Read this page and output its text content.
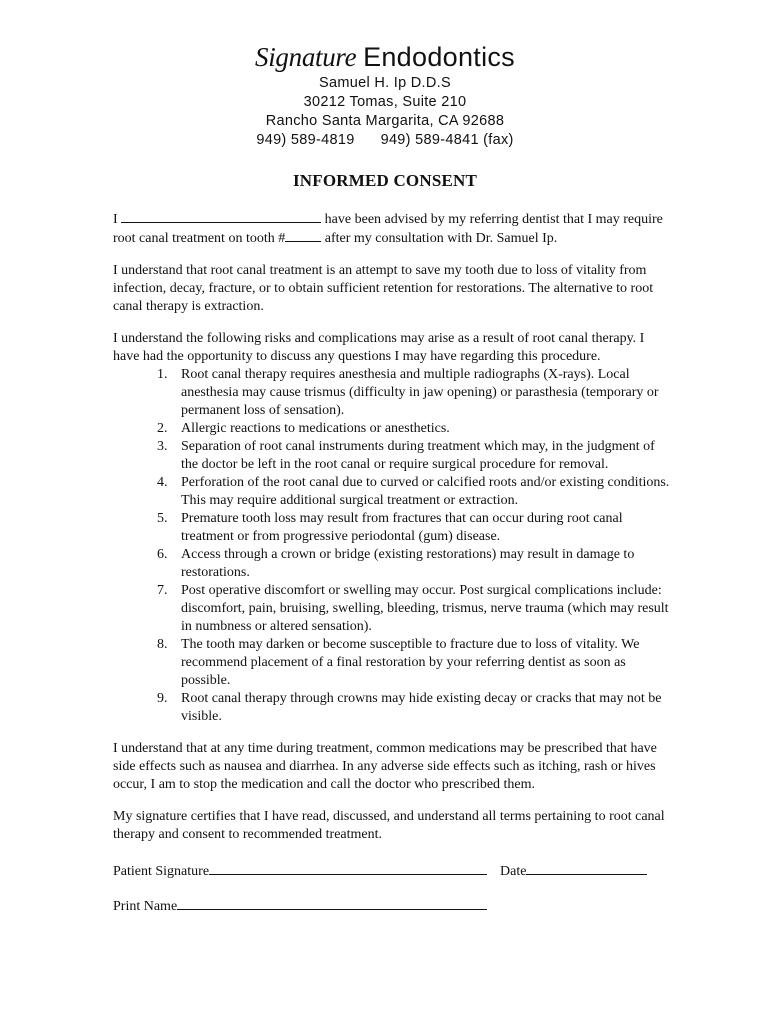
Signature Endodontics
Samuel H. Ip D.D.S
30212 Tomas, Suite 210
Rancho Santa Margarita, CA 92688
949) 589-4819 949) 589-4841 (fax)
INFORMED CONSENT

I	have been advised by my referring dentist that I may require root canal treatment on tooth #	after my consultation with Dr. Samuel Ip.

I understand that root canal treatment is an attempt to save my tooth due to loss of vitality from infection, decay, fracture, or to obtain sufficient retention for restorations. The alternative to root canal therapy is extraction.

I understand the following risks and complications may arise as a result of root canal therapy. I have had the opportunity to discuss any questions I may have regarding this procedure.

1. Root canal therapy requires anesthesia and multiple radiographs (X-rays). Local anesthesia may cause trismus (difficulty in jaw opening) or parasthesia (temporary or permanent loss of sensation).
2. Allergic reactions to medications or anesthetics.
3. Separation of root canal instruments during treatment which may, in the judgment of the doctor be left in the root canal or require surgical procedure for removal.
4. Perforation of the root canal due to curved or calcified roots and/or existing conditions. This may require additional surgical treatment or extraction.
5. Premature tooth loss may result from fractures that can occur during root canal treatment or from progressive periodontal (gum) disease.
6. Access through a crown or bridge (existing restorations) may result in damage to restorations.
7. Post operative discomfort or swelling may occur. Post surgical complications include: discomfort, pain, bruising, swelling, bleeding, trismus, nerve trauma (which may result in numbness or altered sensation).
8. The tooth may darken or become susceptible to fracture due to loss of vitality. We recommend placement of a final restoration by your referring dentist as soon as possible.
9. Root canal therapy through crowns may hide existing decay or cracks that may not be visible.

I understand that at any time during treatment, common medications may be prescribed that have side effects such as nausea and diarrhea. In any adverse side effects such as itching, rash or hives occur, I am to stop the medication and call the doctor who prescribed them.

My signature certifies that I have read, discussed, and understand all terms pertaining to root canal therapy and consent to recommended treatment.

Patient Signature	Date
Print Name
